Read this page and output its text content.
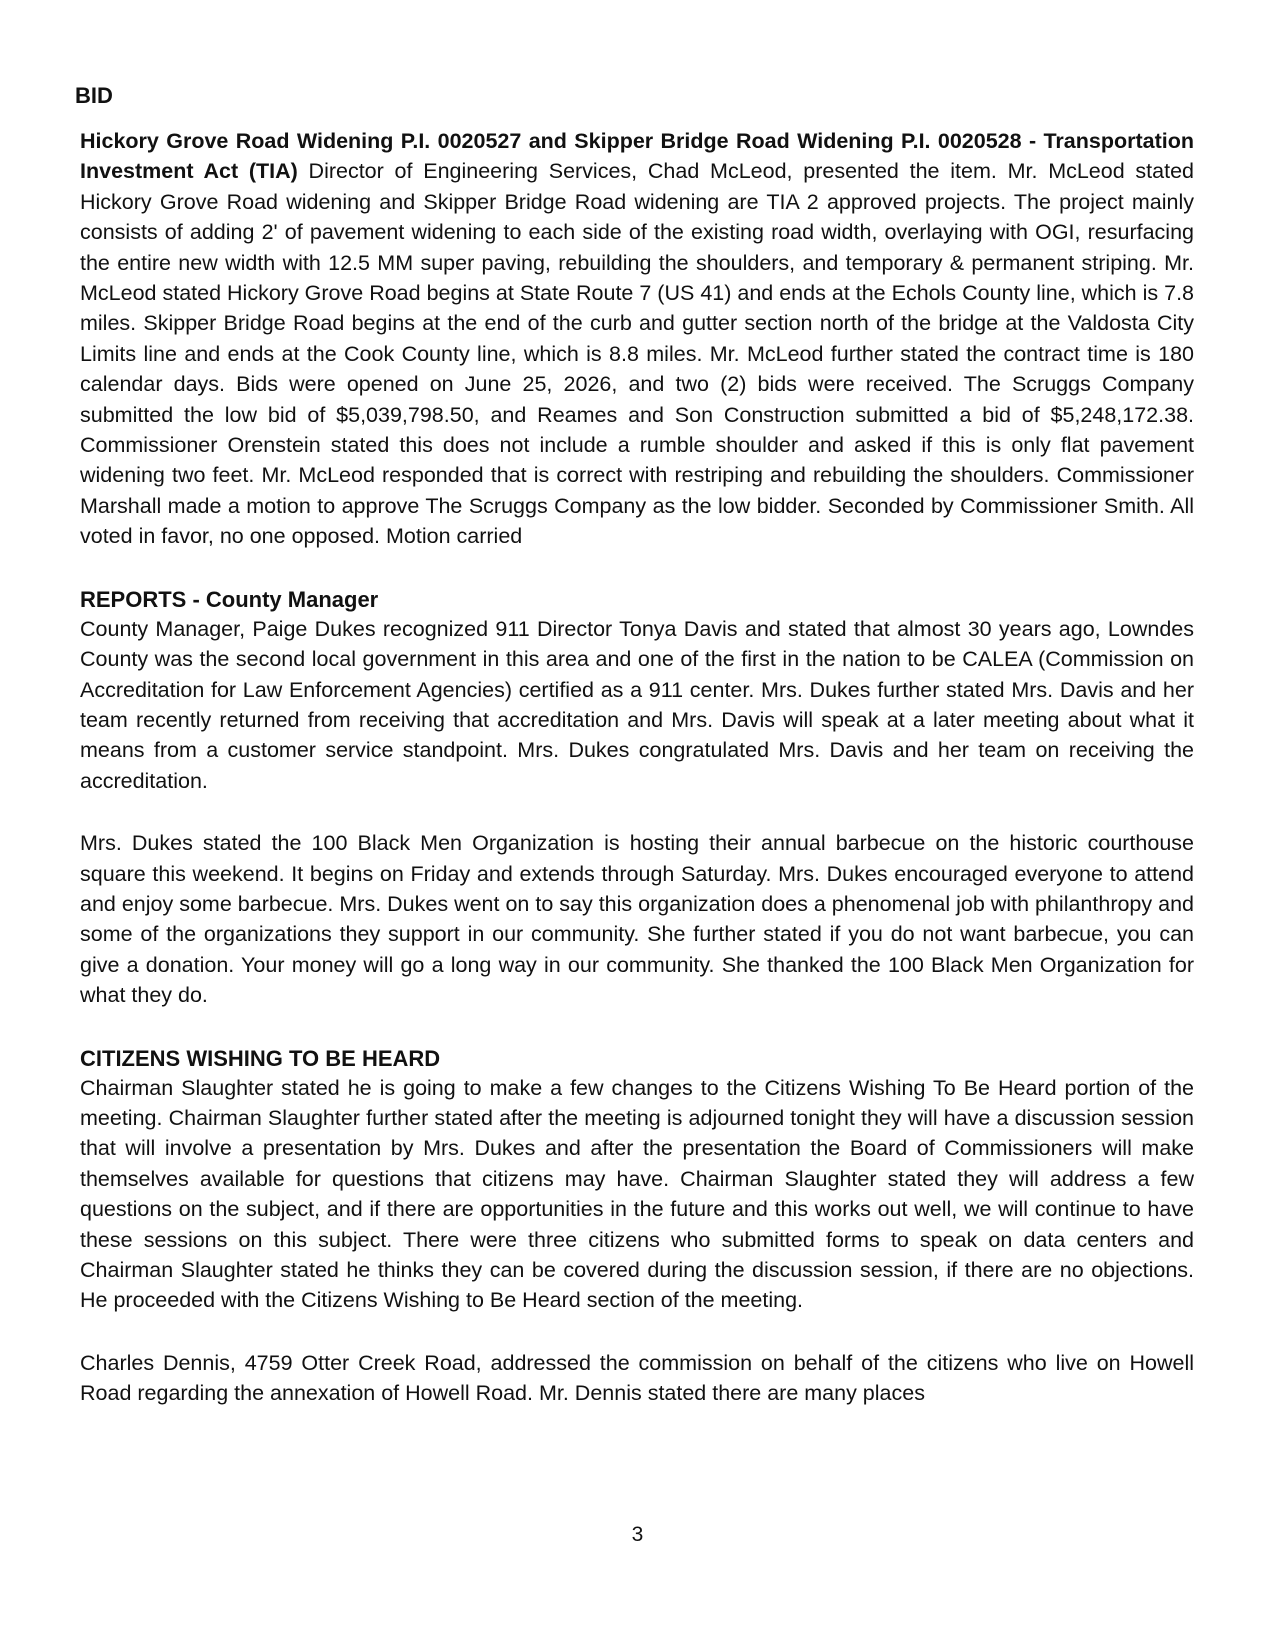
BID

Hickory Grove Road Widening P.I. 0020527 and Skipper Bridge Road Widening P.I. 0020528 - Transportation Investment Act (TIA) Director of Engineering Services, Chad McLeod, presented the item. Mr. McLeod stated Hickory Grove Road widening and Skipper Bridge Road widening are TIA 2 approved projects. The project mainly consists of adding 2' of pavement widening to each side of the existing road width, overlaying with OGI, resurfacing the entire new width with 12.5 MM super paving, rebuilding the shoulders, and temporary & permanent striping. Mr. McLeod stated Hickory Grove Road begins at State Route 7 (US 41) and ends at the Echols County line, which is 7.8 miles. Skipper Bridge Road begins at the end of the curb and gutter section north of the bridge at the Valdosta City Limits line and ends at the Cook County line, which is 8.8 miles. Mr. McLeod further stated the contract time is 180 calendar days. Bids were opened on June 25, 2026, and two (2) bids were received. The Scruggs Company submitted the low bid of $5,039,798.50, and Reames and Son Construction submitted a bid of $5,248,172.38. Commissioner Orenstein stated this does not include a rumble shoulder and asked if this is only flat pavement widening two feet. Mr. McLeod responded that is correct with restriping and rebuilding the shoulders. Commissioner Marshall made a motion to approve The Scruggs Company as the low bidder. Seconded by Commissioner Smith. All voted in favor, no one opposed. Motion carried

REPORTS - County Manager

County Manager, Paige Dukes recognized 911 Director Tonya Davis and stated that almost 30 years ago, Lowndes County was the second local government in this area and one of the first in the nation to be CALEA (Commission on Accreditation for Law Enforcement Agencies) certified as a 911 center. Mrs. Dukes further stated Mrs. Davis and her team recently returned from receiving that accreditation and Mrs. Davis will speak at a later meeting about what it means from a customer service standpoint. Mrs. Dukes congratulated Mrs. Davis and her team on receiving the accreditation.

Mrs. Dukes stated the 100 Black Men Organization is hosting their annual barbecue on the historic courthouse square this weekend. It begins on Friday and extends through Saturday. Mrs. Dukes encouraged everyone to attend and enjoy some barbecue. Mrs. Dukes went on to say this organization does a phenomenal job with philanthropy and some of the organizations they support in our community. She further stated if you do not want barbecue, you can give a donation. Your money will go a long way in our community. She thanked the 100 Black Men Organization for what they do.

CITIZENS WISHING TO BE HEARD

Chairman Slaughter stated he is going to make a few changes to the Citizens Wishing To Be Heard portion of the meeting. Chairman Slaughter further stated after the meeting is adjourned tonight they will have a discussion session that will involve a presentation by Mrs. Dukes and after the presentation the Board of Commissioners will make themselves available for questions that citizens may have. Chairman Slaughter stated they will address a few questions on the subject, and if there are opportunities in the future and this works out well, we will continue to have these sessions on this subject. There were three citizens who submitted forms to speak on data centers and Chairman Slaughter stated he thinks they can be covered during the discussion session, if there are no objections. He proceeded with the Citizens Wishing to Be Heard section of the meeting.

Charles Dennis, 4759 Otter Creek Road, addressed the commission on behalf of the citizens who live on Howell Road regarding the annexation of Howell Road. Mr. Dennis stated there are many places

3
